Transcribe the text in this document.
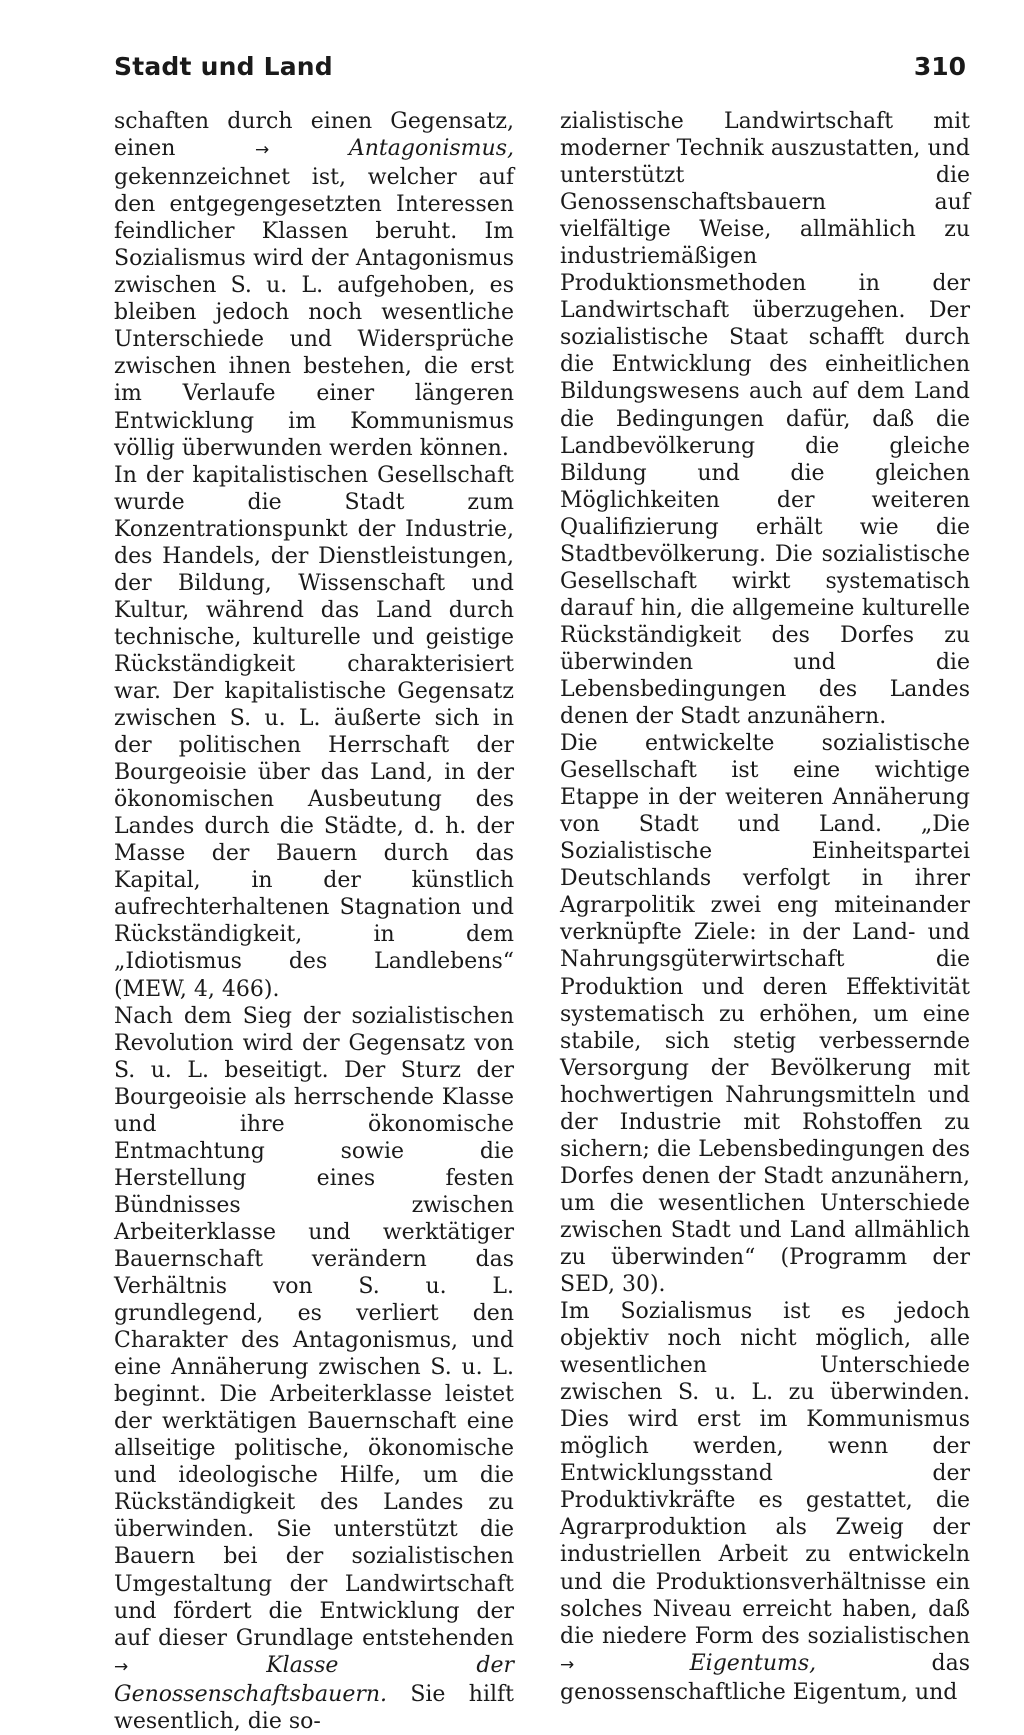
Stadt und Land	310

schaften durch einen Gegensatz, einen →	Antagonismus, gekennzeichnet ist, welcher auf den entgegengesetzten Interessen feindlicher Klassen beruht. Im Sozialismus wird der Antagonismus zwischen S. u. L. aufgehoben, es bleiben jedoch noch wesentliche Unterschiede und Widersprüche zwischen ihnen bestehen, die erst im Verlaufe einer längeren Entwicklung im Kommunismus völlig überwunden werden können.

In der kapitalistischen Gesellschaft wurde die Stadt zum Konzentrationspunkt der Industrie, des Handels, der Dienstleistungen, der Bildung, Wissenschaft und Kultur, während das Land durch technische, kulturelle und geistige Rückständigkeit charakterisiert war. Der kapitalistische Gegensatz zwischen S. u. L. äußerte sich in der politischen Herrschaft der Bourgeoisie über das Land, in der ökonomischen Ausbeutung des Landes durch die Städte, d. h. der Masse der Bauern durch das Kapital, in der künstlich aufrechterhaltenen Stagnation und Rückständigkeit, in dem „Idiotismus des Landlebens“ (MEW, 4, 466).

Nach dem Sieg der sozialistischen Revolution wird der Gegensatz von S. u. L. beseitigt. Der Sturz der Bourgeoisie als herrschende Klasse und ihre ökonomische Entmachtung sowie die Herstellung eines festen Bündnisses zwischen Arbeiterklasse und werktätiger Bauernschaft verändern das Verhältnis von S. u. L. grundlegend, es verliert den Charakter des Antagonismus, und eine Annäherung zwischen S. u. L. beginnt. Die Arbeiterklasse leistet der werktätigen Bauernschaft eine allseitige politische, ökonomische und ideologische Hilfe, um die Rückständigkeit des Landes zu überwinden. Sie unterstützt die Bauern bei der sozialistischen Umgestaltung der Landwirtschaft und fördert die Entwicklung der auf dieser Grundlage entstehenden →	Klasse der Genossenschaftsbauern. Sie hilft wesentlich, die so-

zialistische Landwirtschaft mit moderner Technik auszustatten, und unterstützt die Genossenschaftsbauern auf vielfältige Weise, allmählich zu industriemäßigen Produktionsmethoden in der Landwirtschaft überzugehen. Der sozialistische Staat schafft durch die Entwicklung des einheitlichen Bildungswesens auch auf dem Land die Bedingungen dafür, daß die Landbevölkerung die gleiche Bildung und die gleichen Möglichkeiten der weiteren Qualifizierung erhält wie die Stadtbevölkerung. Die sozialistische Gesellschaft wirkt systematisch darauf hin, die allgemeine kulturelle Rückständigkeit des Dorfes zu überwinden und die Lebensbedingungen des Landes denen der Stadt anzunähern.

Die entwickelte sozialistische Gesellschaft ist eine wichtige Etappe in der weiteren Annäherung von Stadt und Land. „Die Sozialistische Einheitspartei Deutschlands verfolgt in ihrer Agrarpolitik zwei eng miteinander verknüpfte Ziele: in der Land- und Nahrungsgüterwirtschaft die Produktion und deren Effektivität systematisch zu erhöhen, um eine stabile, sich stetig verbessernde Versorgung der Bevölkerung mit hochwertigen Nahrungsmitteln und der Industrie mit Rohstoffen zu sichern; die Lebensbedingungen des Dorfes denen der Stadt anzunähern, um die wesentlichen Unterschiede zwischen Stadt und Land allmählich zu überwinden“ (Programm der SED, 30).

Im Sozialismus ist es jedoch objektiv noch nicht möglich, alle wesentlichen Unterschiede zwischen S. u. L. zu überwinden. Dies wird erst im Kommunismus möglich werden, wenn der Entwicklungsstand der Produktivkräfte es gestattet, die Agrarproduktion als Zweig der industriellen Arbeit zu entwickeln und die Produktionsverhältnisse ein solches Niveau erreicht haben, daß die niedere Form des sozialistischen →	Eigentums, das genossenschaftliche Eigentum, und
